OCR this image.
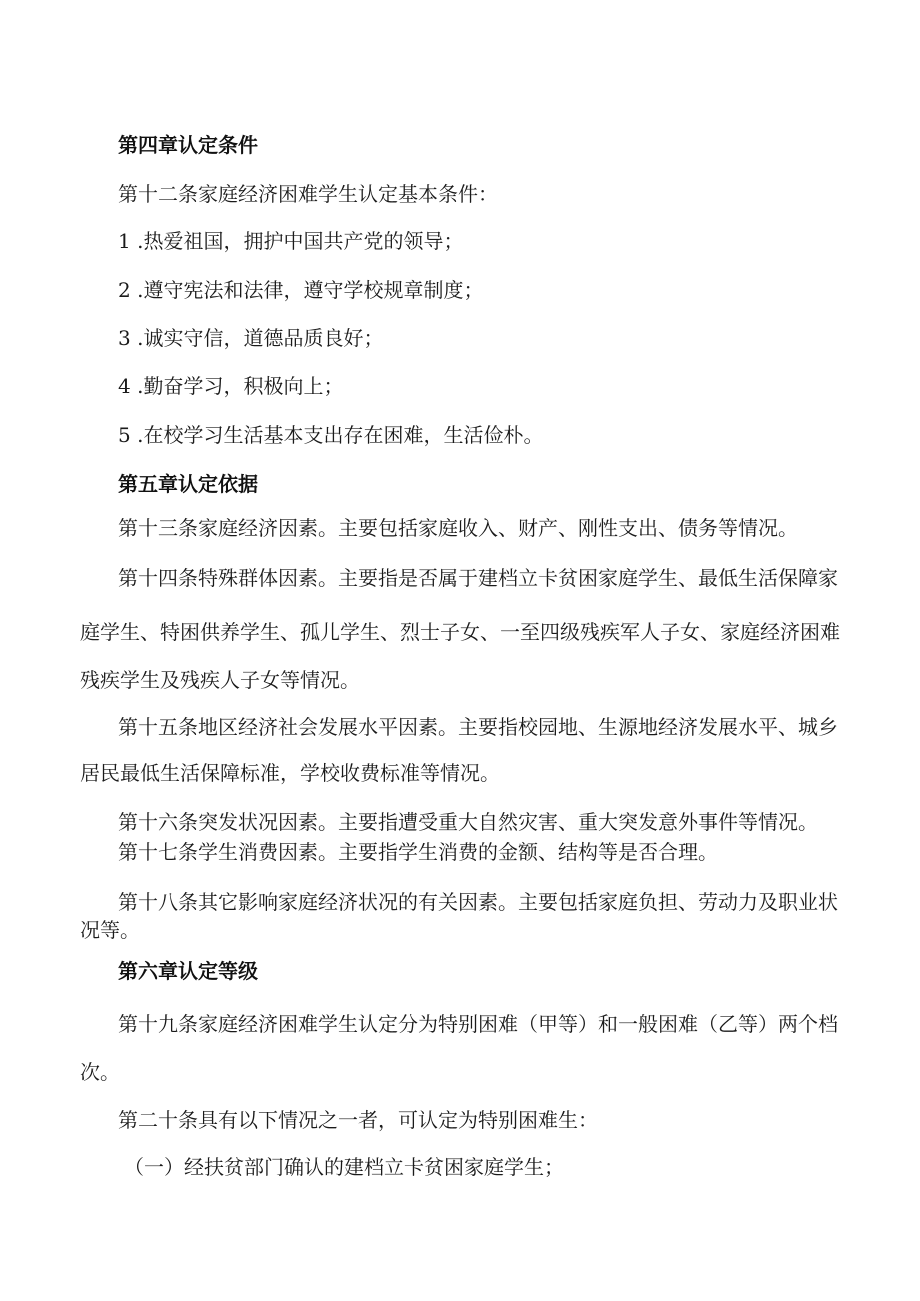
第四章认定条件
第十二条家庭经济困难学生认定基本条件：
1 .热爱祖国，拥护中国共产党的领导；
2 .遵守宪法和法律，遵守学校规章制度；
3 .诚实守信，道德品质良好；
4 .勤奋学习，积极向上；
5 .在校学习生活基本支出存在困难，生活俭朴。
第五章认定依据
第十三条家庭经济因素。主要包括家庭收入、财产、刚性支出、债务等情况。
第十四条特殊群体因素。主要指是否属于建档立卡贫困家庭学生、最低生活保障家
庭学生、特困供养学生、孤儿学生、烈士子女、一至四级残疾军人子女、家庭经济困难
残疾学生及残疾人子女等情况。
第十五条地区经济社会发展水平因素。主要指校园地、生源地经济发展水平、城乡
居民最低生活保障标准，学校收费标准等情况。
第十六条突发状况因素。主要指遭受重大自然灾害、重大突发意外事件等情况。
第十七条学生消费因素。主要指学生消费的金额、结构等是否合理。
第十八条其它影响家庭经济状况的有关因素。主要包括家庭负担、劳动力及职业状
况等。
第六章认定等级
第十九条家庭经济困难学生认定分为特别困难（甲等）和一般困难（乙等）两个档
次。
第二十条具有以下情况之一者，可认定为特别困难生：
（一）经扶贫部门确认的建档立卡贫困家庭学生；
